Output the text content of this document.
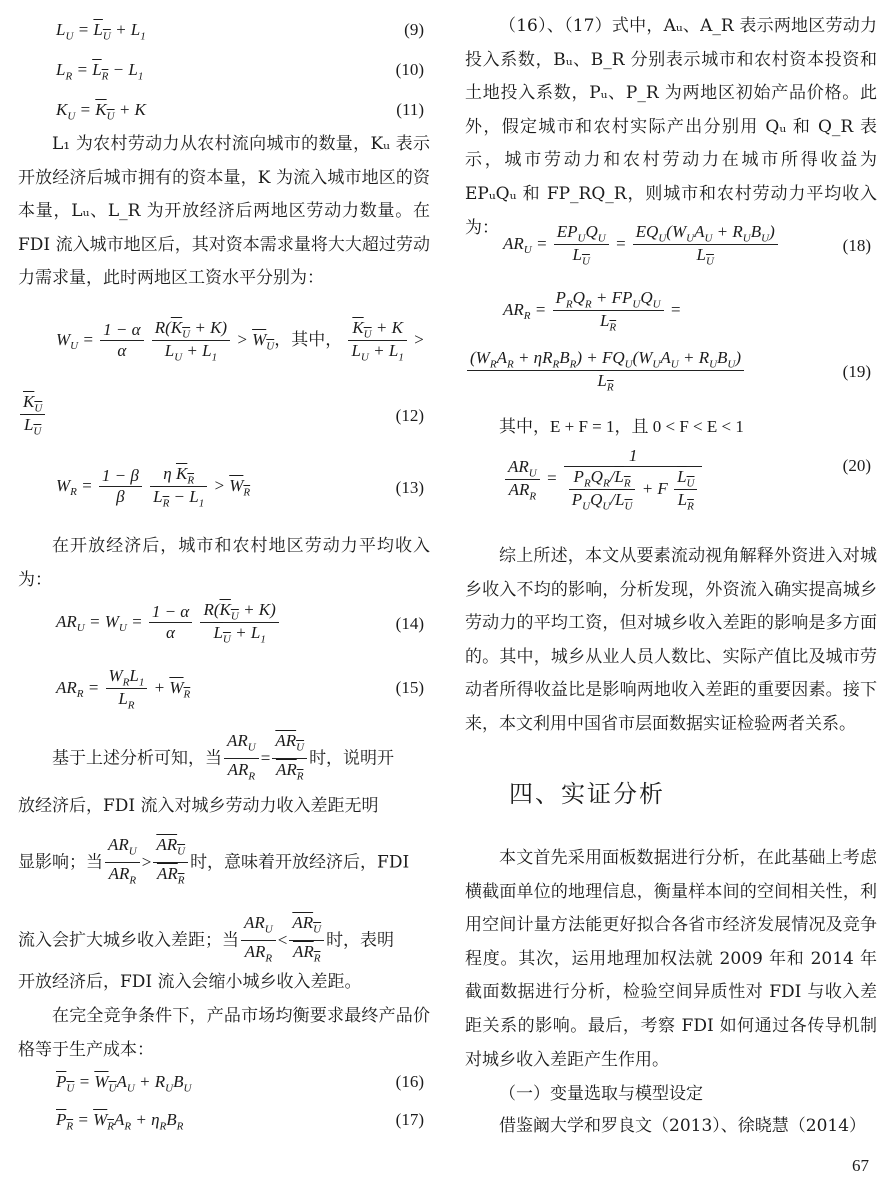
$L_U = L_U + L_1$	(9)
$L_R = L_R - L_1$	(10)
$K_U = K_U + K$	(11)
L₁ 为农村劳动力从农村流向城市的数量，Kᵤ 表示开放经济后城市拥有的资本量，K 为流入城市地区的资本量，Lᵤ、L_R 为开放经济后两地区劳动力数量。在 FDI 流入城市地区后，其对资本需求量将大大超过劳动力需求量，此时两地区工资水平分别为：
$W_U = \frac{1 - \alpha}{\alpha}$
$\frac{R(K_U + K)}{L_U + L_1} > W_U$，其中， $\frac{K_U + K}{L_U + L_1}$ >
$\frac{K_U}{L_U}$	(12)
$W_R = \frac{1 - \beta}{\beta}$
$\frac{\eta K_R}{L_R - L_1} > W_R$	(13)
在开放经济后，城市和农村地区劳动力平均收入为：
$AR_U = W_U = \frac{1 - \alpha}{\alpha}$
$\frac{R(K_U + K)}{L_U + L_1}$	(14)
$AR_R = \frac{W_RL_1}{L_R} + W_R$	(15)
基于上述分析可知，当 $\frac{AR_U}{AR_R} = \frac{AR_U}{AR_R}$ 时，说明开
放经济后，FDI 流入对城乡劳动力收入差距无明
显影响；当 $\frac{AR_U}{AR_R} > \frac{AR_U}{AR_R}$ 时，意味着开放经济后，FDI
流入会扩大城乡收入差距；当 $\frac{AR_U}{AR_R} < \frac{AR_U}{AR_R}$ 时，表明
开放经济后，FDI 流入会缩小城乡收入差距。
在完全竞争条件下，产品市场均衡要求最终产品价格等于生产成本：
$P_U = W_UA_U + R_UB_U$	(16)
$P_R = W_RA_R + \eta_RB_R$	(17)
（16）、（17）式中，Aᵤ、A_R 表示两地区劳动力投入系数，Bᵤ、B_R 分别表示城市和农村资本投资和土地投入系数，Pᵤ、P_R 为两地区初始产品价格。此外，假定城市和农村实际产出分别用 Qᵤ 和 Q_R 表示，城市劳动力和农村劳动力在城市所得收益为 EPᵤQᵤ 和 FP_RQ_R，则城市和农村劳动力平均收入为：
$AR_U = \frac{EP_UQ_U}{L_U} = \frac{EQ_U(W_UA_U + R_UB_U)}{L_U}$	(18)
$AR_R = \frac{P_RQ_R + FP_UQ_U}{L_R}$ =
$\frac{(W_RA_R + \eta R_RB_R) + FQ_U(W_UA_U + R_UB_U)}{L_R}$	(19)
其中，E + F = 1，且 0 < F < E < 1
$\frac{AR_U}{AR_R} = \frac{1}{\frac{P_RQ_R/L_R}{P_UQ_U/L_U} + F \frac{L_U}{L_R}}$	(20)
综上所述，本文从要素流动视角解释外资进入对城乡收入不均的影响，分析发现，外资流入确实提高城乡劳动力的平均工资，但对城乡收入差距的影响是多方面的。其中，城乡从业人员人数比、实际产值比及城市劳动者所得收益比是影响两地收入差距的重要因素。接下来，本文利用中国省市层面数据实证检验两者关系。
四、实证分析
本文首先采用面板数据进行分析，在此基础上考虑横截面单位的地理信息，衡量样本间的空间相关性，利用空间计量方法能更好拟合各省市经济发展情况及竞争程度。其次，运用地理加权法就 2009 年和 2014 年截面数据进行分析，检验空间异质性对 FDI 与收入差距关系的影响。最后，考察 FDI 如何通过各传导机制对城乡收入差距产生作用。
（一）变量选取与模型设定
借鉴阚大学和罗良文（2013）、徐晓慧（2014）
67
